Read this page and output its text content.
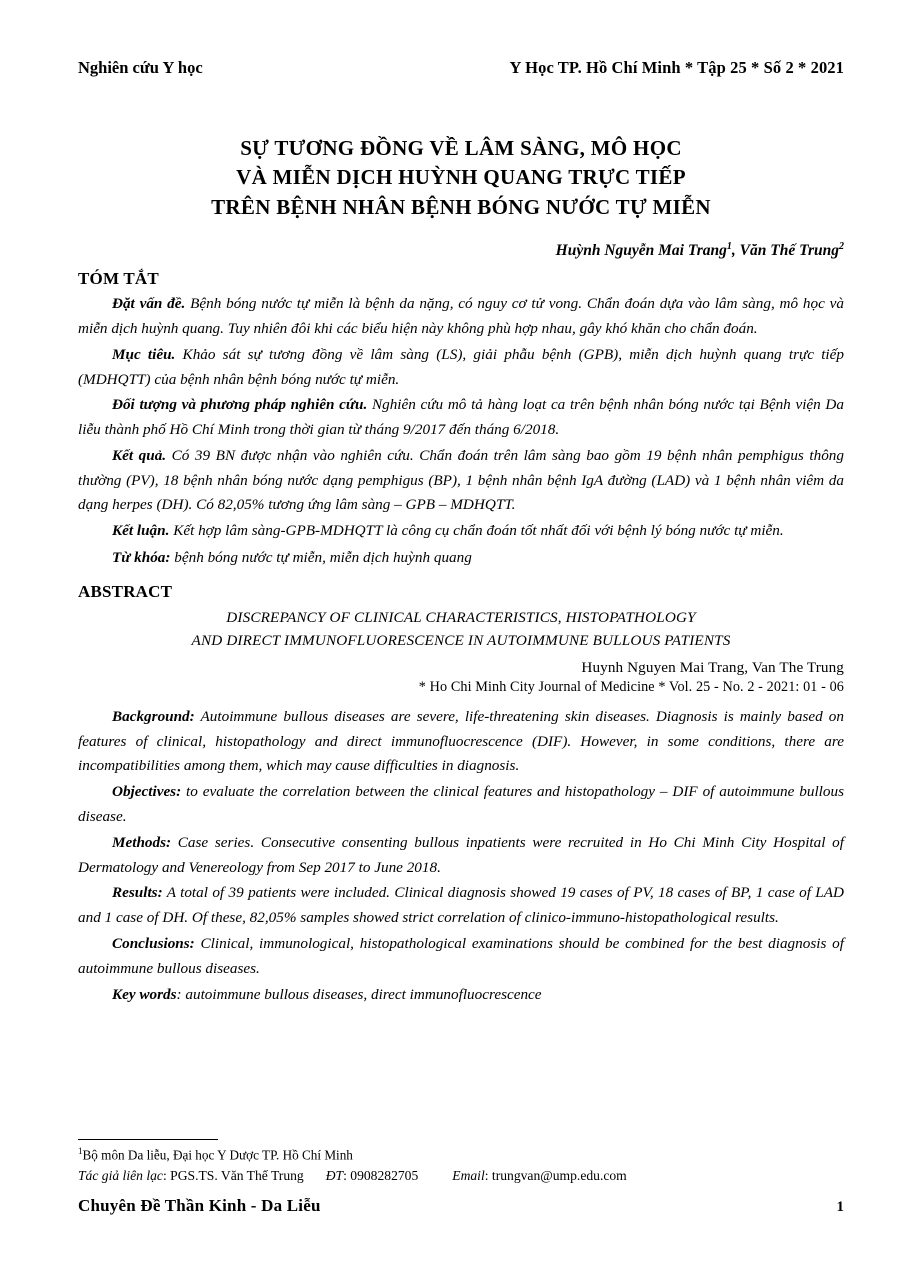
Nghiên cứu Y học	Y Học TP. Hồ Chí Minh * Tập 25 * Số 2 * 2021
SỰ TƯƠNG ĐỒNG VỀ LÂM SÀNG, MÔ HỌC
VÀ MIỄN DỊCH HUỲNH QUANG TRỰC TIẾP
TRÊN BỆNH NHÂN BỆNH BÓNG NƯỚC TỰ MIỄN
Huỳnh Nguyễn Mai Trang$^1$, Văn Thế Trung$^2$
TÓM TẮT

Đặt vấn đề. Bệnh bóng nước tự miễn là bệnh da nặng, có nguy cơ tử vong. Chẩn đoán dựa vào lâm sàng, mô học và miễn dịch huỳnh quang. Tuy nhiên đôi khi các biểu hiện này không phù hợp nhau, gây khó khăn cho chẩn đoán.

Mục tiêu. Khảo sát sự tương đồng về lâm sàng (LS), giải phẫu bệnh (GPB), miễn dịch huỳnh quang trực tiếp (MDHQTT) của bệnh nhân bệnh bóng nước tự miễn.

Đối tượng và phương pháp nghiên cứu. Nghiên cứu mô tả hàng loạt ca trên bệnh nhân bóng nước tại Bệnh viện Da liễu thành phố Hồ Chí Minh trong thời gian từ tháng 9/2017 đến tháng 6/2018.

Kết quả. Có 39 BN được nhận vào nghiên cứu. Chẩn đoán trên lâm sàng bao gồm 19 bệnh nhân pemphigus thông thường (PV), 18 bệnh nhân bóng nước dạng pemphigus (BP), 1 bệnh nhân bệnh IgA đường (LAD) và 1 bệnh nhân viêm da dạng herpes (DH). Có 82,05% tương ứng lâm sàng – GPB – MDHQTT.

Kết luận. Kết hợp lâm sàng-GPB-MDHQTT là công cụ chẩn đoán tốt nhất đối với bệnh lý bóng nước tự miễn.

Từ khóa: bệnh bóng nước tự miễn, miễn dịch huỳnh quang

ABSTRACT
DISCREPANCY OF CLINICAL CHARACTERISTICS, HISTOPATHOLOGY
AND DIRECT IMMUNOFLUORESCENCE IN AUTOIMMUNE BULLOUS PATIENTS
Huynh Nguyen Mai Trang, Van The Trung
* Ho Chi Minh City Journal of Medicine * Vol. 25 - No. 2 - 2021: 01 - 06

Background: Autoimmune bullous diseases are severe, life-threatening skin diseases. Diagnosis is mainly based on features of clinical, histopathology and direct immunofluocrescence (DIF). However, in some conditions, there are incompatibilities among them, which may cause difficulties in diagnosis.

Objectives: to evaluate the correlation between the clinical features and histopathology – DIF of autoimmune bullous disease.

Methods: Case series. Consecutive consenting bullous inpatients were recruited in Ho Chi Minh City Hospital of Dermatology and Venereology from Sep 2017 to June 2018.

Results: A total of 39 patients were included. Clinical diagnosis showed 19 cases of PV, 18 cases of BP, 1 case of LAD and 1 case of DH. Of these, 82,05% samples showed strict correlation of clinico-immuno-histopathological results.

Conclusions: Clinical, immunological, histopathological examinations should be combined for the best diagnosis of autoimmune bullous diseases.

Key words: autoimmune bullous diseases, direct immunofluocrescence

$^1$Bộ môn Da liễu, Đại học Y Dược TP. Hồ Chí Minh
Tác giả liên lạc: PGS.TS. Văn Thế Trung ĐT: 0908282705	Email: trungvan@ump.edu.com
Chuyên Đề Thần Kinh - Da Liễu	1
